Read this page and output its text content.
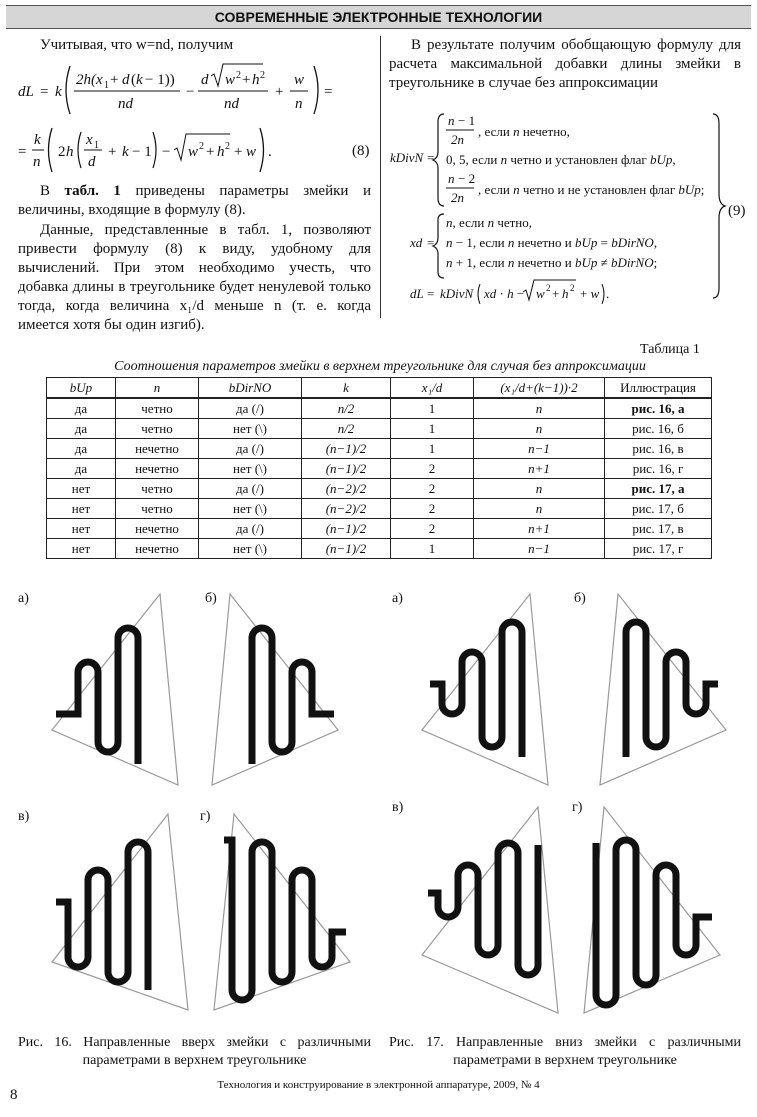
СОВРЕМЕННЫЕ ЭЛЕКТРОННЫЕ ТЕХНОЛОГИИ
Учитывая, что w=nd, получим
dL = k
2h(x 1 + d ( k − 1))
nd
−
d w 2 + h 2
nd
+
w
n
=
=
k
n
2 h
x 1
d
+ k − 1 − w 2 + h 2 + w .	(8)
В табл. 1 приведены параметры змейки и величины, входящие в формулу (8).
Данные, представленные в табл. 1, позволяют привести формулу (8) к виду, удобному для вычислений. При этом необходимо учесть, что добавка длины в треугольнике будет ненулевой только тогда, когда величина x₁/d меньше n (т. е. когда имеется хотя бы один изгиб).
В результате получим обобщающую формулу для расчета максимальной добавки длины змейки в треугольнике в случае без аппроксимации
kDivN =
n − 1
2n
, если n нечетно,
0, 5, если n четно и установлен флаг bUp,
n − 2
2n
, если n четно и не установлен флаг bUp;
xd =
n, если n четно,
n − 1, если n нечетно и bUp = bDirNO,
n + 1, если n нечетно и bUp ≠ bDirNO;
dL = kDivN xd · h − w 2 + h 2 + w .
(9)
Таблица 1
Соотношения параметров змейки в верхнем треугольнике для случая без аппроксимации
bUp	n	bDirNO	k	x₁/d	(x₁/d+(k−1))·2	Иллюстрация
да	четно	да (/)	n/2	1	n	рис. 16, а
да	четно	нет (\)	n/2	1	n	рис. 16, б
да	нечетно	да (/)	(n−1)/2	1	n−1	рис. 16, в
да	нечетно	нет (\)	(n−1)/2	2	n+1	рис. 16, г
нет	четно	да (/)	(n−2)/2	2	n	рис. 17, а
нет	четно	нет (\)	(n−2)/2	2	n	рис. 17, б
нет	нечетно	да (/)	(n−1)/2	2	n+1	рис. 17, в
нет	нечетно	нет (\)	(n−1)/2	1	n−1	рис. 17, г
а)	б)
в)	г)
а)	б)
в)	г)
Рис. 16. Направленные вверх змейки с различными параметрами в верхнем треугольнике
Рис. 17. Направленные вниз змейки с различными параметрами в верхнем треугольнике
Технология и конструирование в электронной аппаратуре, 2009, № 4
8
